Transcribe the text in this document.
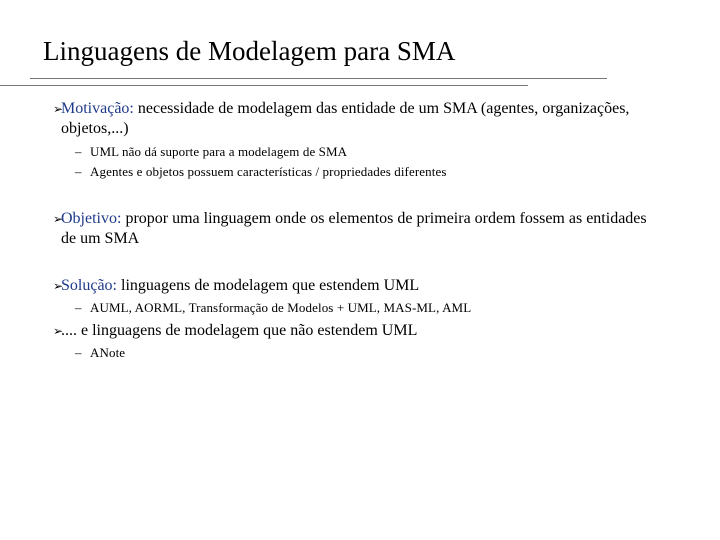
Linguagens de Modelagem para SMA
➢
Motivação: necessidade de modelagem das entidade de um SMA (agentes, organizações, objetos,...)
– UML não dá suporte para a modelagem de SMA
– Agentes e objetos possuem características / propriedades diferentes
➢
Objetivo: propor uma linguagem onde os elementos de primeira ordem fossem as entidades de um SMA
➢
Solução: linguagens de modelagem que estendem UML
– AUML, AORML, Transformação de Modelos + UML, MAS-ML, AML
➢
.... e linguagens de modelagem que não estendem UML
– ANote
